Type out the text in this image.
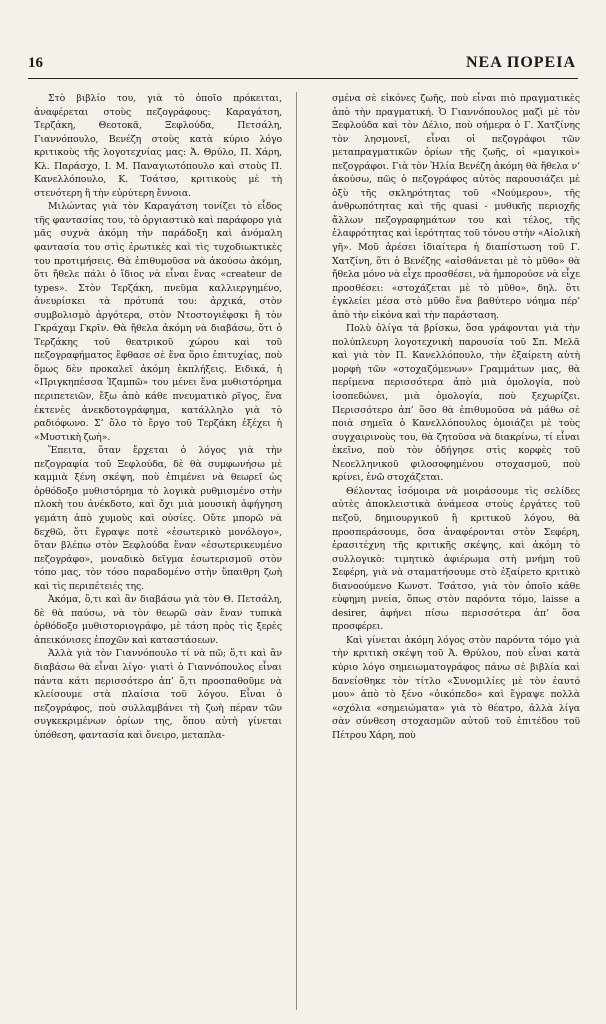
16	ΝΕΑ ΠΟΡΕΙΑ

Στὸ βιβλίο του, γιὰ τὸ ὁποῖο πρόκειται, ἀναφέρεται στοὺς πεζογράφους: Καραγάτση, Τερζάκη, Θεοτοκᾶ, Ξεφλούδα, Πετσάλη, Γιαννόπουλο, Βενέζη στοὺς κατὰ κύριο λόγο κριτικοὺς τῆς λογοτεχνίας μας: Ἀ. Θρύλο, Π. Χάρη, Κλ. Παράσχο, Ι. Μ. Παναγιωτόπουλο καὶ στοὺς Π. Κανελλόπουλο, Κ. Τσάτσο, κριτικοὺς μὲ τὴ στενότερη ἢ τὴν εὐρύτερη ἔννοια.

Μιλώντας γιὰ τὸν Καραγάτση τονίζει τὸ εἶδος τῆς φαντασίας του, τὸ ὀργιαστικὸ καὶ παράφορο γιὰ μᾶς συχνὰ ἀκόμη τὴν παράδοξη καὶ ἀνόμαλη φαντασία του στὶς ἐρωτικὲς καὶ τὶς τυχοδιωκτικὲς του προτιμήσεις. Θὰ ἐπιθυμοῦσα νὰ ἀκούσω ἀκόμη, ὅτι ἤθελε πάλι ὁ ἴδιος νὰ εἶναι ἕνας «createur de types». Στὸν Τερζάκη, πνεῦμα καλλιεργημένο, ἀνευρίσκει τὰ πρότυπά του: ἀρχικά, στὸν συμβολισμὸ ἀργότερα, στὸν Ντοστογιέφσκι ἢ τὸν Γκράχαμ Γκρῖν. Θὰ ἤθελα ἀκόμη νὰ διαβάσω, ὅτι ὁ Τερζάκης τοῦ θεατρικοῦ χώρου καὶ τοῦ πεζογραφήματος ἔφθασε σὲ ἕνα ὅριο ἐπιτυχίας, ποὺ ὅμως δὲν προκαλεῖ ἀκόμη ἐκπλήξεις. Ειδικά, ἡ «Πριγκηπέσσα Ἰζαμπῶ» του μένει ἕνα μυθιστόρημα περιπετειῶν, ἔξω ἀπὸ κάθε πνευματικὸ ρῖγος, ἕνα ἐκτενὲς ἀνεκδοτογράφημα, κατάλληλο γιὰ τὸ ραδιόφωνο. Σ’ ὅλο τὸ ἔργο τοῦ Τερζάκη ἐξέχει ἡ «Μυστικὴ ζωὴ».

Ἔπειτα, ὅταν ἔρχεται ὁ λόγος γιὰ τὴν πεζογραφία τοῦ Ξεφλούδα, δὲ θὰ συμφωνήσω μὲ καμμιὰ ξένη σκέψη, ποὺ ἐπιμένει νὰ θεωρεῖ ὡς ὀρθόδοξο μυθιστόρημα τὸ λογικὰ ρυθμισμένο στὴν πλοκὴ του ἀνέκδοτο, καὶ ὄχι μιὰ μουσικὴ ἀφήγηση γεμάτη ἀπὸ χυμοὺς καὶ οὐσίες. Οὔτε μπορῶ νὰ δεχθῶ, ὅτι ἔγραψε ποτὲ «ἐσωτερικὸ μονόλογο», ὅταν βλέπω στὸν Ξεφλούδα ἕναν «ἐσωτερικευμένο πεζογράφο», μοναδικὸ δεῖγμα ἐσωτερισμοῦ στὸν τόπο μας, τὸν τόσο παραδομένο στὴν ὕπαιθρη ζωὴ καὶ τὶς περιπέτειές της.

Ἀκόμα, ὅ,τι καὶ ἂν διαβάσω γιὰ τὸν Θ. Πετσάλη, δὲ θὰ παύσω, νὰ τὸν θεωρῶ σὰν ἕναν τυπικὰ ὀρθόδοξο μυθιστοριογράφο, μὲ τάση πρὸς τὶς ξερὲς ἀπεικόνισες ἐποχῶν καὶ καταστάσεων.

Ἀλλὰ γιὰ τὸν Γιαννόπουλο τί νὰ πῶ; ὅ,τι καὶ ἂν διαβάσω θὰ εἶναι λίγο· γιατὶ ὁ Γιαννόπουλος εἶναι πάντα κάτι περισσότερο ἀπ’ ὅ,τι προσπαθοῦμε νὰ κλείσουμε στὰ πλαίσια τοῦ λόγου. Εἶναι ὁ πεζογράφος, ποὺ συλλαμβάνει τὴ ζωὴ πέραν τῶν συγκεκριμένων ὁρίων της, ὅπου αὐτὴ γίνεται ὑπόθεση, φαντασία καὶ ὄνειρο, μεταπλα-

σμένα σὲ εἰκόνες ζωῆς, ποὺ εἶναι πιὸ πραγματικὲς ἀπὸ τὴν πραγματική. Ὁ Γιαννόπουλος μαζὶ μὲ τὸν Ξεφλούδα καὶ τὸν Δέλιο, ποὺ σήμερα ὁ Γ. Χατζίνης τὸν λησμονεῖ, εἶναι οἱ πεζογράφοι τῶν μεταπραγματικῶν ὁρίων τῆς ζωῆς, οἱ «μαγικοὶ» πεζογράφοι. Γιὰ τὸν Ἠλία Βενέζη ἀκόμη θὰ ἤθελα ν’ ἀκούσω, πῶς ὁ πεζογράφος αὐτὸς παρουσιάζει μὲ ὀξὺ τῆς σκληρότητας τοῦ «Νούμερου», τῆς ἀνθρωπότητας καὶ τῆς quasi - μυθικῆς περιοχῆς ἄλλων πεζογραφημάτων του καὶ τέλος, τῆς ἐλαφρότητας καὶ ἱερότητας τοῦ τόνου στὴν «Αἰολικὴ γῆ». Μοῦ ἀρέσει ἰδιαίτερα ἡ διαπίστωση τοῦ Γ. Χατζίνη, ὅτι ὁ Βενέζης «αἰσθάνεται μὲ τὸ μῦθο» θὰ ἤθελα μόνο νὰ εἶχε προσθέσει, νὰ ἠμπορούσε νὰ εἶχε προσθέσει: «στοχάζεται μὲ τὸ μῦθο», δηλ. ὅτι ἐγκλείει μέσα στὸ μῦθο ἕνα βαθύτερο νόημα πέρ’ ἀπὸ τὴν εἰκόνα καὶ τὴν παράσταση.

Πολὺ ὀλίγα τὰ βρίσκω, ὅσα γράφονται γιὰ τὴν πολύπλευρη λογοτεχνικὴ παρουσία τοῦ Σπ. Μελᾶ καὶ γιὰ τὸν Π. Κανελλόπουλο, τὴν ἐξαίρετη αὐτὴ μορφὴ τῶν «στοχαζόμενων» Γραμμάτων μας, θὰ περίμενα περισσότερα ἀπὸ μιὰ ὁμολογία, ποὺ ἰσοπεδώνει, μιὰ ὁμολογία, ποὺ ξεχωρίζει. Περισσότερο ἀπ’ ὅσο θὰ ἐπιθυμοῦσα νὰ μάθω σὲ ποιὰ σημεῖα ὁ Κανελλόπουλος ὁμοιάζει μὲ τοὺς συγχαιρινοὺς του, θὰ ζητοῦσα νὰ διακρίνω, τί εἶναι ἐκεῖνο, ποὺ τὸν ὁδήγησε στὶς κορφὲς τοῦ Νεοελληνικοῦ φιλοσοφημένου στοχασμοῦ, ποὺ κρίνει, ἑνῶ στοχάζεται.

Θέλοντας ἰσόμοιρα νὰ μοιράσουμε τὶς σελίδες αὐτὲς ἀποκλειστικὰ ἀνάμεσα στοὺς ἐργάτες τοῦ πεζοῦ, δημιουργικοῦ ἢ κριτικοῦ λόγου, θὰ προσπεράσουμε, ὅσα ἀναφέρονται στὸν Σεφέρη, ἐρασιτέχνη τῆς κριτικῆς σκέψης, καὶ ἀκόμη τὸ συλλογικὸ: τιμητικὸ ἀφιέρωμα στὴ μνήμη τοῦ Σεφέρη, γιὰ νὰ σταματήσουμε στὸ ἐξαίρετο κριτικὸ διανοούμενο Κωνστ. Τσάτσο, γιὰ τὸν ὁποῖο κάθε εὐφημη μνεία, ὅπως στὸν παρόντα τόμο, laisse a desirer, ἀφήνει πίσω περισσότερα ἀπ’ ὅσα προσφέρει.

Καὶ γίνεται ἀκόμη λόγος στὸν παρόντα τόμο γιὰ τὴν κριτικὴ σκέψη τοῦ Ἀ. Θρύλου, ποὺ εἶναι κατὰ κύριο λόγο σημειωματογράφος πάνω σὲ βιβλία καὶ δανείσθηκε τὸν τίτλο «Συνομιλίες μὲ τὸν ἑαυτό μου» ἀπὸ τὸ ξένο «ὁικόπεδο» καὶ ἔγραψε πολλὰ «σχόλια «σημειώματα» γιὰ τὸ θέατρο, ἀλλὰ λίγα σὰν σύνθεση στοχασμῶν αὐτοῦ τοῦ ἐπιτέδου τοῦ Πέτρου Χάρη, ποὺ
